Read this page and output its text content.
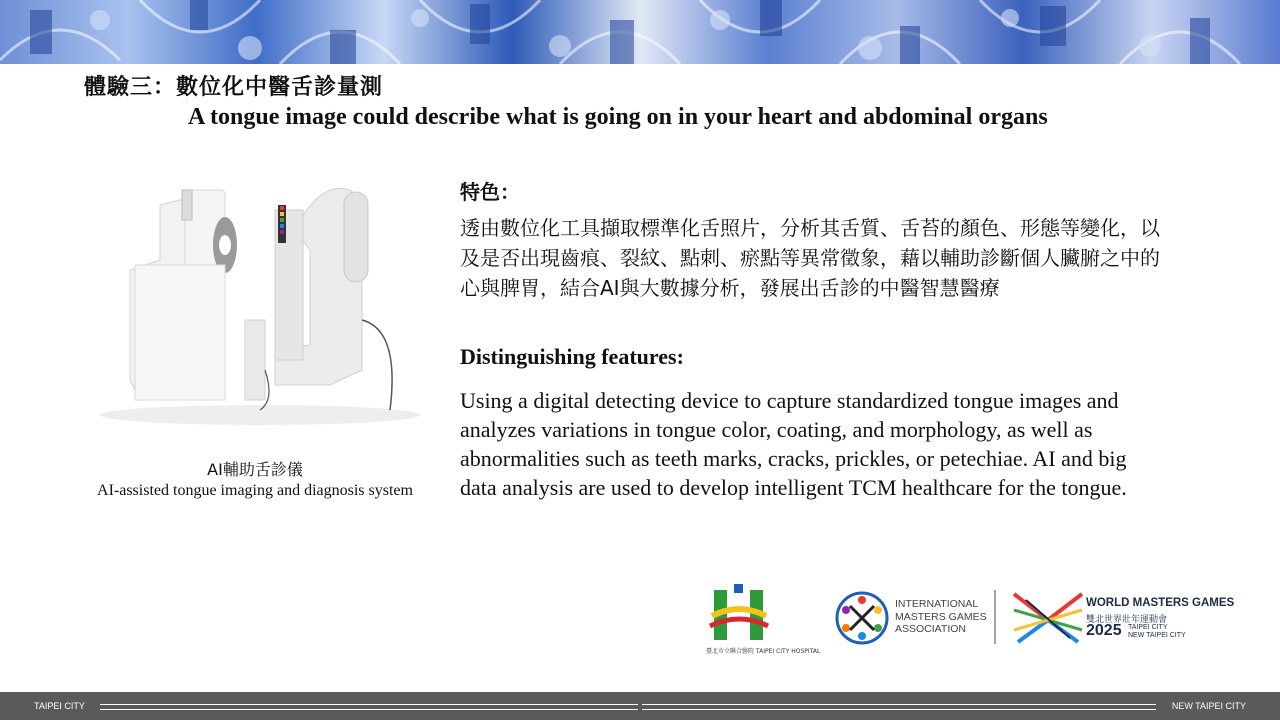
體驗三：數位化中醫舌診量測
A tongue image could describe what is going on in your heart and abdominal organs
AI輔助舌診儀
AI-assisted tongue imaging and diagnosis system
特色：
透由數位化工具擷取標準化舌照片，分析其舌質、舌苔的顏色、形態等變化，以及是否出現齒痕、裂紋、點刺、瘀點等異常徵象，藉以輔助診斷個人臟腑之中的心與脾胃，結合AI與大數據分析，發展出舌診的中醫智慧醫療
Distinguishing features:
Using a digital detecting device to capture standardized tongue images and analyzes variations in tongue color, coating, and morphology, as well as abnormalities such as teeth marks, cracks, prickles, or petechiae. AI and big data analysis are used to develop intelligent TCM healthcare for the tongue.
臺北市立聯合醫院 TAIPEI CITY HOSPITAL
INTERNATIONAL
MASTERS GAMES
ASSOCIATION
WORLD MASTERS GAMES
雙北世界壯年運動會
2025 TAIPEI CITY
NEW TAIPEI CITY
TAIPEI CITY	NEW TAIPEI CITY
